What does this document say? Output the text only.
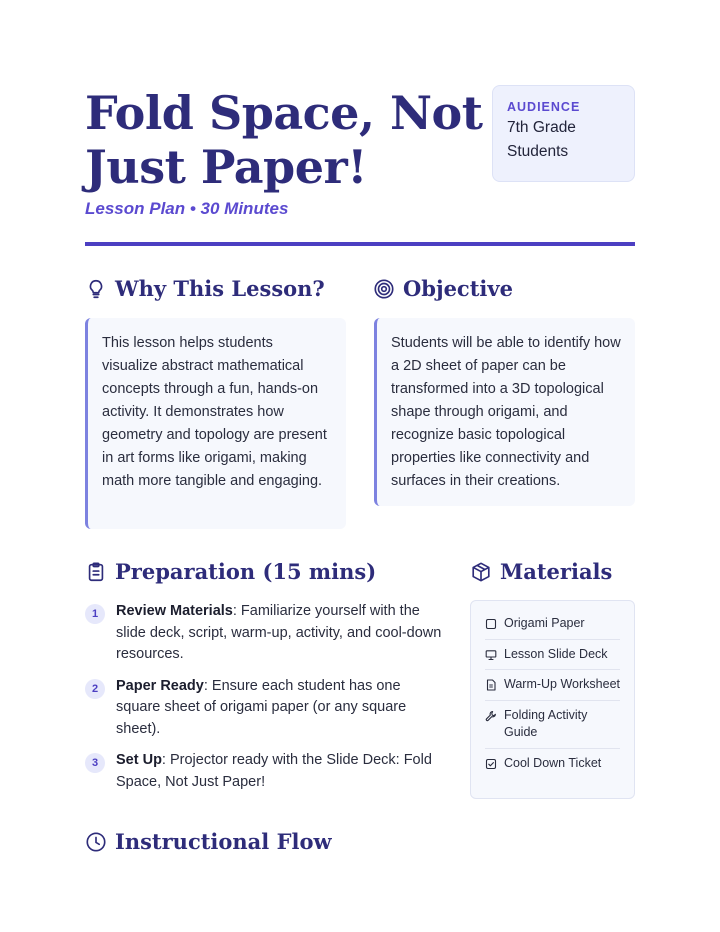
Fold Space, Not Just Paper!
Lesson Plan • 30 Minutes
AUDIENCE
7th Grade Students
Why This Lesson?

This lesson helps students visualize abstract mathematical concepts through a fun, hands-on activity. It demonstrates how geometry and topology are present in art forms like origami, making math more tangible and engaging.

Objective

Students will be able to identify how a 2D sheet of paper can be transformed into a 3D topological shape through origami, and recognize basic topological properties like connectivity and surfaces in their creations.

Preparation (15 mins)
1	Review Materials: Familiarize yourself with the slide deck, script, warm-up, activity, and cool-down resources.
2	Paper Ready: Ensure each student has one square sheet of origami paper (or any square sheet).
3	Set Up: Projector ready with the Slide Deck: Fold Space, Not Just Paper!
Materials
Origami Paper
Lesson Slide Deck
Warm-Up Worksheet
Folding Activity Guide
Cool Down Ticket
Instructional Flow
